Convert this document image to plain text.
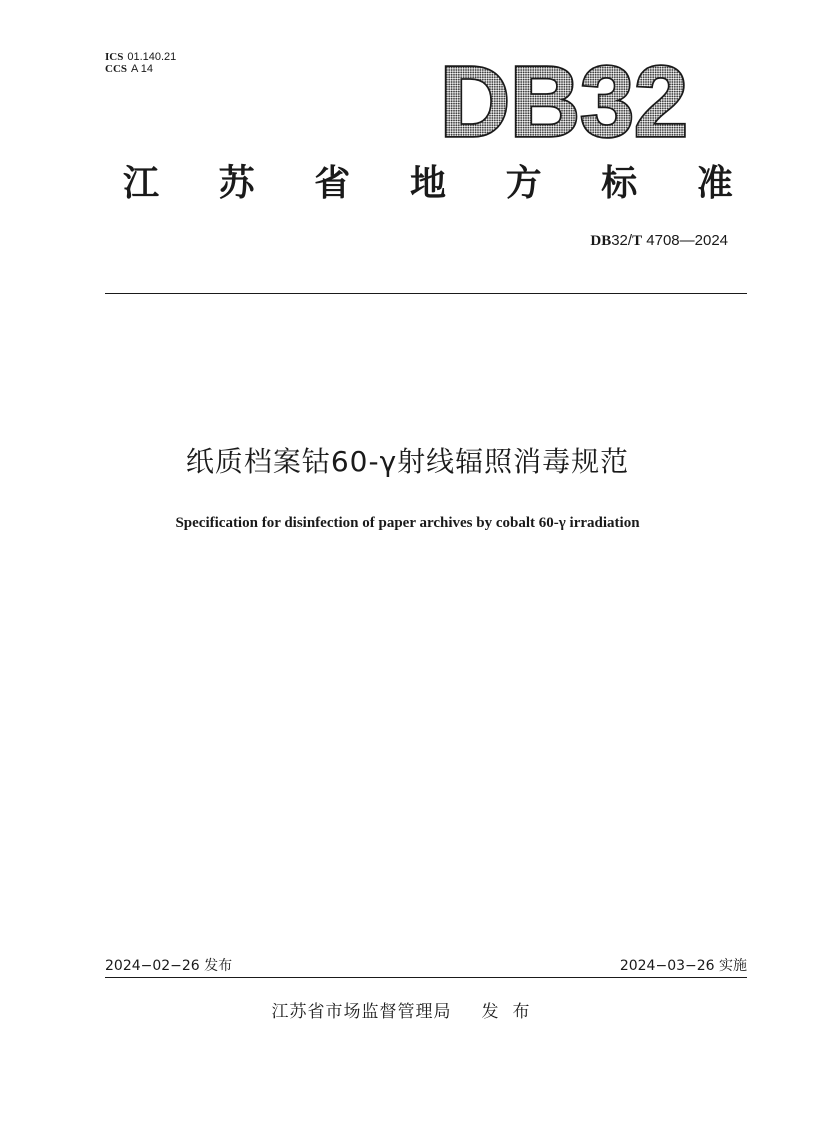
ICS 01.140.21
CCS A 14	DB32
江 苏 省 地 方 标 准
DB32/T 4708—2024
纸质档案钴60-γ射线辐照消毒规范
Specification for disinfection of paper archives by cobalt 60-γ irradiation
2024−02−26 发布	2024−03−26 实施
江苏省市场监督管理局 发布
